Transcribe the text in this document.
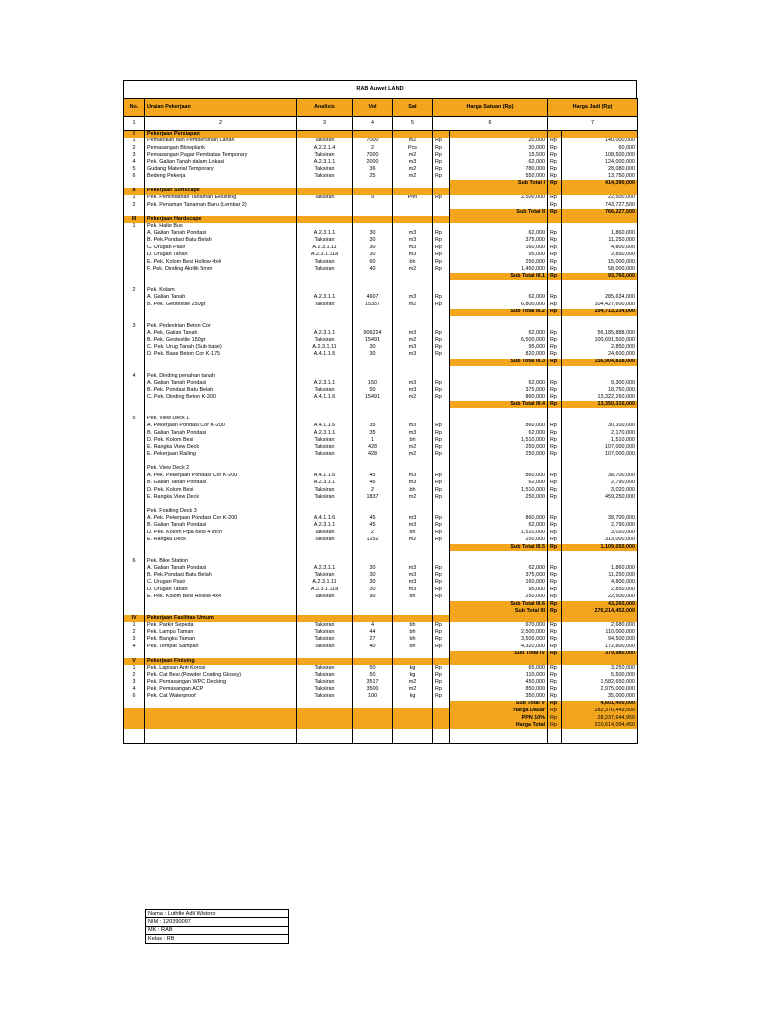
RAB Auwet LAND
No.	Uraian Pekerjaan	Analisis	Vol	Sat	Harga Satuan (Rp)		Harga Jadi (Rp)	
1	2	3	4	5	6		7	
I	Pekerjaan Persiapan							
1	Pematokan dan Pembersihan Lahan	Taksiran	7000	m2	Rp	20,000	Rp	140,000,000
2	Pemasangan Blowplank	A.2.2.1.4	2	Pcs	Rp	30,000	Rp	60,000
3	Pemasangan Pagar Pembatas Temporary	Taksiran	7000	m2	Rp	15,500	Rp	108,500,000
4	Pek. Galian Tanah dalam Lokasi	A.2.3.1.1	2000	m3	Rp	62,000	Rp	124,000,000
5	Gudang Material Temporary	Taksiran	36	m2	Rp	780,000	Rp	28,080,000
6	Bedeng Pekerja	Taksiran	25	m2	Rp	550,000	Rp	13,750,000
						Sub Total I	Rp	414,390,000
II	Pekerjaan Softscape							
1	Pek. Pemindahan Tanaman Eksisting	Taksiran	9	Phn	Rp	2,500,000	Rp	22,500,000
2	Pek. Penaman Tanaman Baru (Lembar 2)						Rp	743,727,500
						Sub Total II	Rp	766,227,500
III	Pekerjaan Hardscape							
1	Pek. Halte Bus							
	A. Galian Tanah Pondasi	A.2.3.1.1	30	m3	Rp	62,000	Rp	1,860,000
	B. Pek.Pondasi Batu Belah	Taksiran	30	m3	Rp	375,000	Rp	11,250,000
	C. Urugan Pasir	A.2.3.1.11	30	m3	Rp	160,000	Rp	4,800,000
	D. Urugan Tanah	A.2.3.1.11a	30	m3	Rp	95,000	Rp	2,850,000
	E. Pek. Kolom Besi Hollow 4x4	Taksiran	60	bh	Rp	250,000	Rp	15,000,000
	F. Pek. Dinding Akrilik 5mm	Taksiran	40	m2	Rp	1,450,000	Rp	58,000,000
						Sub Total III.1	Rp	93,760,000

2	Pek. Kolam							
	A. Galian Tanah	A.2.3.1.1	4607	m3	Rp	62,000	Rp	285,634,000
	B. Pek. Geotextile 250gr	Taksiran	15357	m2	Rp	6,800,000	Rp	104,427,600,000
						Sub Total III.2	Rp	104,713,234,000

3	Pek. Pedestrian Beton Cor							
	A. Pek. Galian Tanah	A.2.3.1.1	906224	m3	Rp	62,000	Rp	56,185,888,000
	B. Pek. Geotextile 150gr	Taksiran	15491	m2	Rp	6,500,000	Rp	100,691,500,000
	C. Pek. Urug Tanah (Sub base)	A.2.3.1.11	30	m3	Rp	95,000	Rp	2,850,000
	D. Pek. Base Beton Cor K-175	A.4.1.1.5	30	m3	Rp	820,000	Rp	24,600,000
						Sub Total III.3	Rp	156,904,838,000

4	Pek. Dinding penahan tanah							
	A. Galian Tanah Pondasi	A.2.3.1.1	150	m3	Rp	62,000	Rp	9,300,000
	B. Pek. Pondasi Batu Belah	Taksiran	50	m3	Rp	375,000	Rp	18,750,000
	C. Pek. Dinding Beton K-200	A.4.1.1.6	15491	m2	Rp	860,000	Rp	13,322,260,000
						Sub Total III.4	Rp	13,350,310,000

5	Pek. View Deck 1							
	A. Pekerjaan Pondasi Cor K-200	A.4.1.1.6	35	m3	Rp	860,000	Rp	30,100,000
	B. Galian Tanah Pondasi	A.2.3.1.1	35	m3	Rp	62,000	Rp	2,170,000
	D. Pek. Kolom Besi	Taksiran	1	bh	Rp	1,510,000	Rp	1,510,000
	E. Rangka View Deck	Taksiran	428	m2	Rp	250,000	Rp	107,000,000
	E. Pekerjaan Railing	Taksiran	428	m2	Rp	250,000	Rp	107,000,000

	Pek. View Deck 2							
	A. Pek. Pekerjaan Pondasi Cor K-200	A.4.1.1.6	45	m3	Rp	860,000	Rp	38,700,000
	B. Galian Tanah Pondasi	A.2.3.1.1	45	m3	Rp	62,000	Rp	2,790,000
	D. Pek. Kolom Besi	Taksiran	2	bh	Rp	1,510,000	Rp	3,020,000
	E. Rangka View Deck	Taksiran	1837	m2	Rp	250,000	Rp	459,250,000

	Pek. Foalting Deck 3							
	A. Pek. Pekerjaan Pondasi Cor K-200	A.4.1.1.6	45	m3	Rp	860,000	Rp	38,700,000
	B. Galian Tanah Pondasi	A.2.3.1.1	45	m3	Rp	62,000	Rp	2,790,000
	D. Pek. Kolom Pipa Besi 4 Inch	Taksiran	2	bh	Rp	1,510,000	Rp	3,020,000
	E. Rangka Deck	Taksiran	1252	m2	Rp	250,000	Rp	313,000,000
						Sub Total III.5	Rp	1,109,050,000

6	Pek. Bike Station							
	A. Galian Tanah Pondasi	A.2.3.1.1	30	m3	Rp	62,000	Rp	1,860,000
	B. Pek.Pondasi Batu Belah	Taksiran	30	m3	Rp	375,000	Rp	11,250,000
	C. Urugan Pasir	A.2.3.1.11	30	m3	Rp	160,000	Rp	4,800,000
	D. Urugan Tanah	A.2.3.1.11a	30	m3	Rp	95,000	Rp	2,850,000
	E. Pek. Kolom Besi Hollow 4x4	Taksiran	90	bh	Rp	250,000	Rp	22,500,000
						Sub Total III.6	Rp	43,260,000
						Sub Total III	Rp	276,214,452,000
IV	Pekerjaan Fasilitas Umum							
1	Pek. Parkir Sepeda	Taksiran	4	bh	Rp	670,000	Rp	2,680,000
2	Pek. Lampu Taman	Taksiran	44	bh	Rp	2,500,000	Rp	110,000,000
3	Pek. Bangku Taman	Taksiran	27	bh	Rp	3,500,000	Rp	94,500,000
4	Pek. Tempat Sampah	Taksiran	40	bh	Rp	4,320,000	Rp	172,800,000
						Sub Total IV	Rp	379,980,000
V	Pekerjaan Finising							
1	Pek. Lapisan Anti Korosi	Taksiran	50	kg	Rp	65,000	Rp	3,250,000
2	Pek. Cat Besi (Powder Coating Glossy)	Taksiran	50	kg	Rp	110,000	Rp	5,500,000
3	Pek. Pemasangan WPC Decking	Taksiran	3517	m2	Rp	450,000	Rp	1,582,650,000
4	Pek. Pemasangan ACP	Taksiran	3500	m2	Rp	850,000	Rp	2,975,000,000
6	Pek. Cat Waterproof	Taksiran	100	kg	Rp	350,000	Rp	35,000,000
						Sub Total V	Rp	4,601,400,000
						Harga Dasar	Rp	282,376,449,500
						PPN 10%	Rp	28,237,644,950
						Harga Total	Rp	310,614,094,450

Nama : Luthfie Adli Wistoro
NIM : 120390097
MK : RAB
Kelas : RB
